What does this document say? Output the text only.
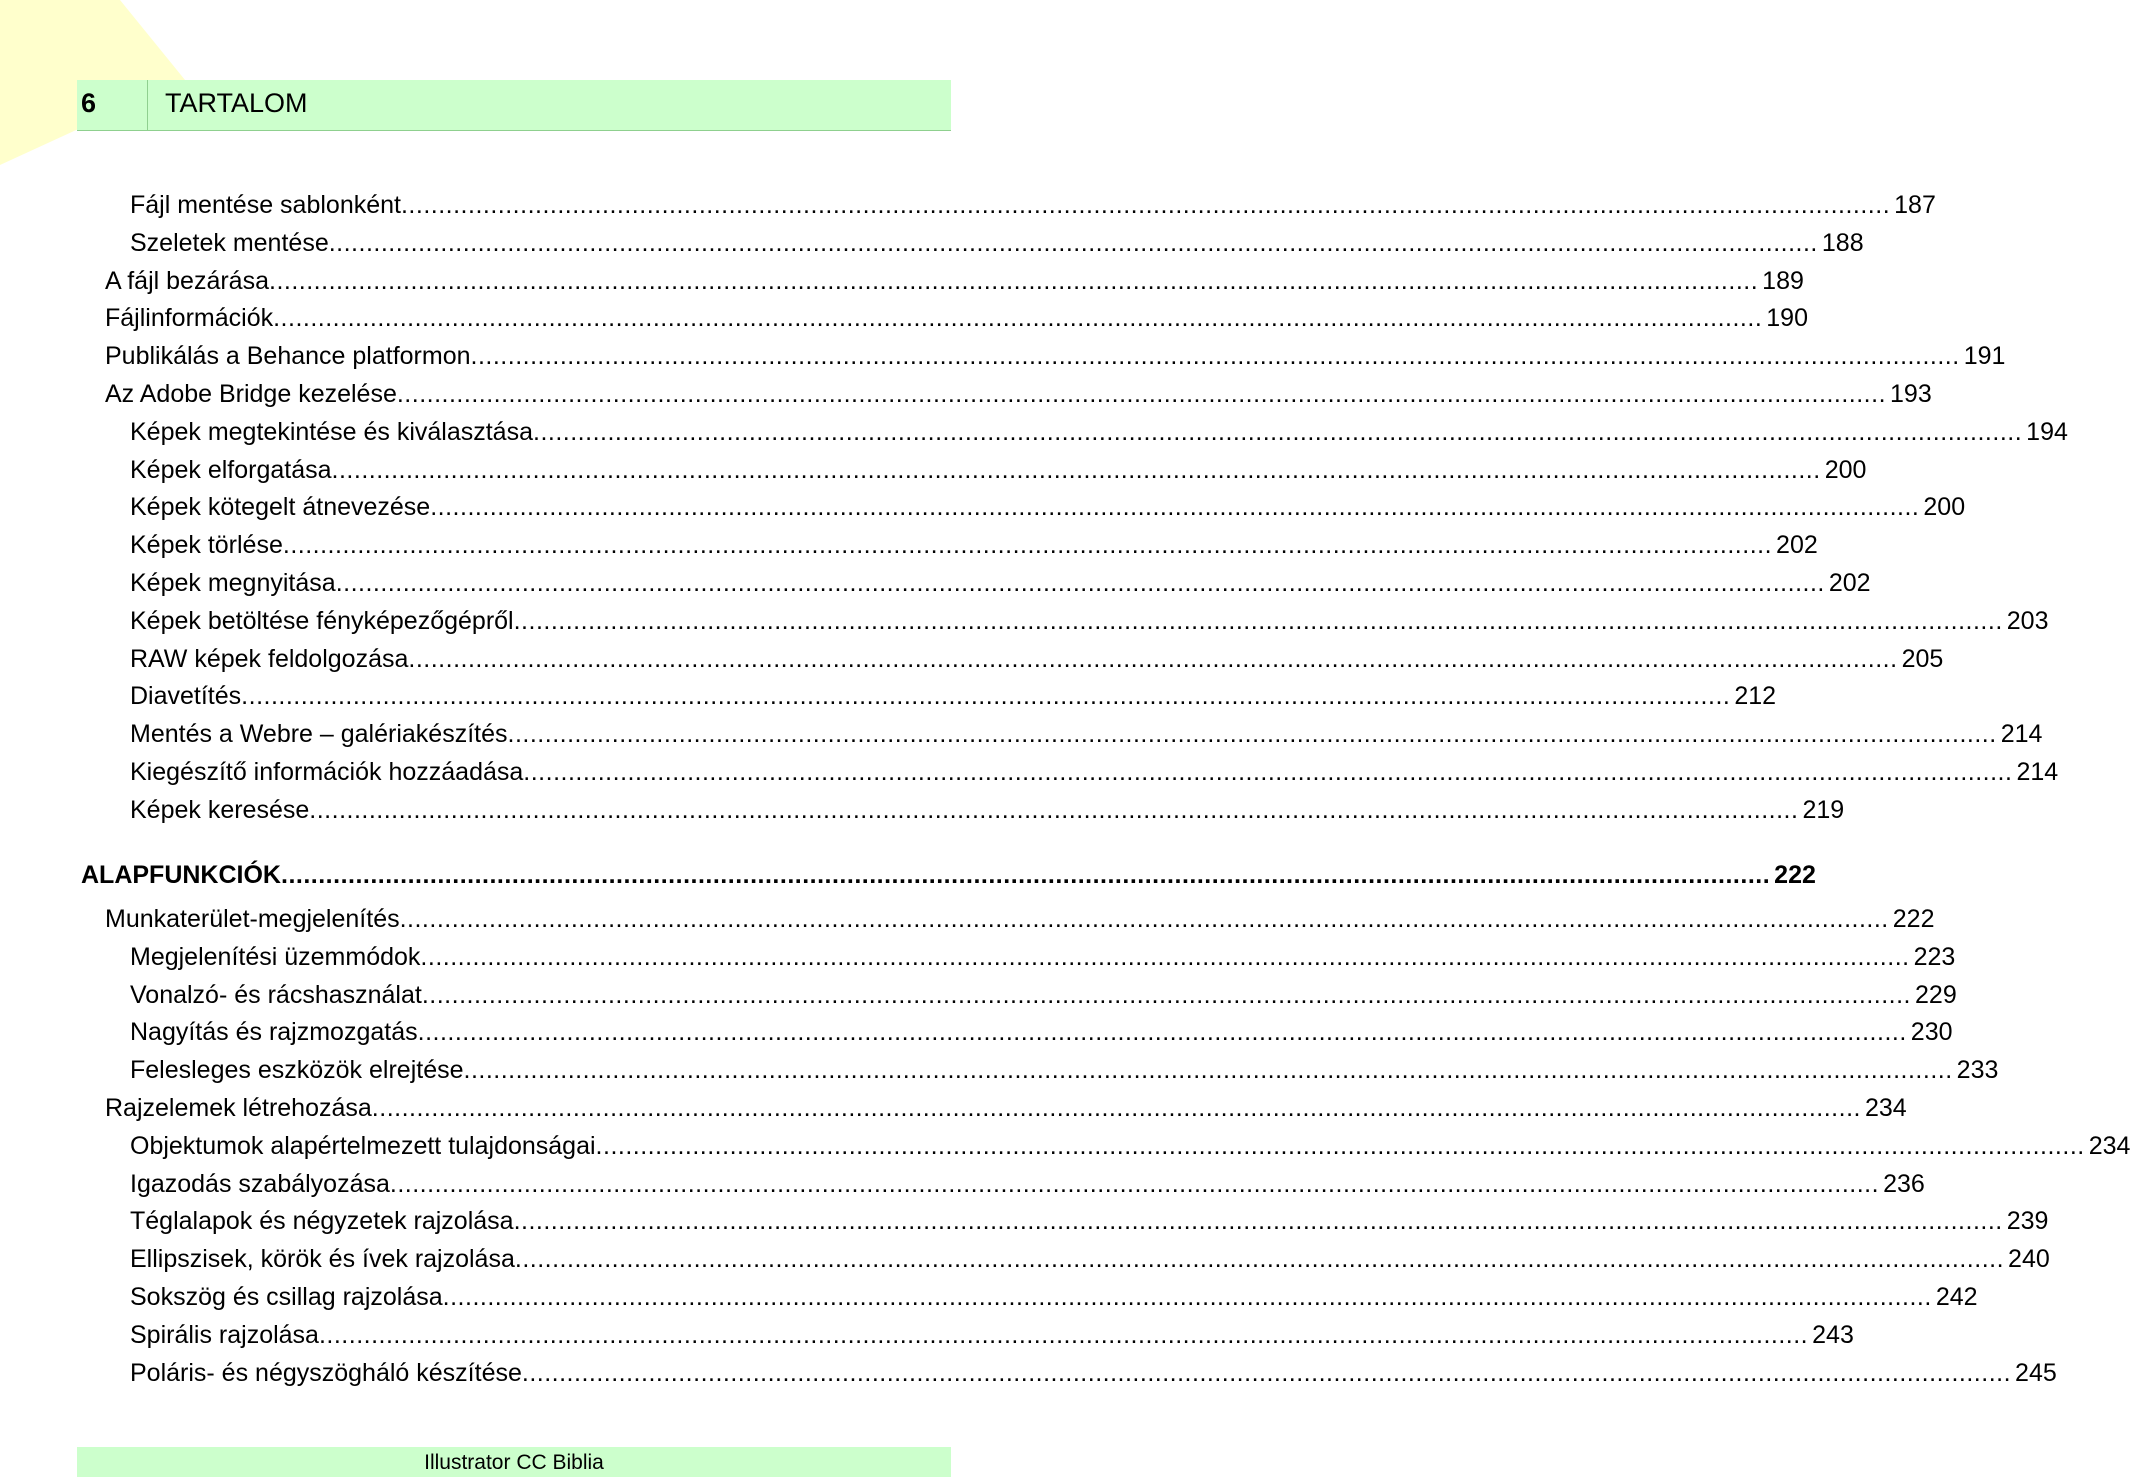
6	TARTALOM
Fájl mentése sablonként ........................................................................................................................................................................................................ 187
Szeletek mentése ........................................................................................................................................................................................................ 188
A fájl bezárása ........................................................................................................................................................................................................ 189
Fájlinformációk ........................................................................................................................................................................................................ 190
Publikálás a Behance platformon ........................................................................................................................................................................................................ 191
Az Adobe Bridge kezelése ........................................................................................................................................................................................................ 193
Képek megtekintése és kiválasztása ........................................................................................................................................................................................................ 194
Képek elforgatása ........................................................................................................................................................................................................ 200
Képek kötegelt átnevezése ........................................................................................................................................................................................................ 200
Képek törlése ........................................................................................................................................................................................................ 202
Képek megnyitása ........................................................................................................................................................................................................ 202
Képek betöltése fényképezőgépről ........................................................................................................................................................................................................ 203
RAW képek feldolgozása ........................................................................................................................................................................................................ 205
Diavetítés ........................................................................................................................................................................................................ 212
Mentés a Webre – galériakészítés ........................................................................................................................................................................................................ 214
Kiegészítő információk hozzáadása ........................................................................................................................................................................................................ 214
Képek keresése ........................................................................................................................................................................................................ 219
ALAPFUNKCIÓK ........................................................................................................................................................................................................ 222
Munkaterület-megjelenítés ........................................................................................................................................................................................................ 222
Megjelenítési üzemmódok ........................................................................................................................................................................................................ 223
Vonalzó- és rácshasználat ........................................................................................................................................................................................................ 229
Nagyítás és rajzmozgatás ........................................................................................................................................................................................................ 230
Felesleges eszközök elrejtése ........................................................................................................................................................................................................ 233
Rajzelemek létrehozása ........................................................................................................................................................................................................ 234
Objektumok alapértelmezett tulajdonságai ........................................................................................................................................................................................................ 234
Igazodás szabályozása ........................................................................................................................................................................................................ 236
Téglalapok és négyzetek rajzolása ........................................................................................................................................................................................................ 239
Ellipszisek, körök és ívek rajzolása ........................................................................................................................................................................................................ 240
Sokszög és csillag rajzolása ........................................................................................................................................................................................................ 242
Spirális rajzolása ........................................................................................................................................................................................................ 243
Poláris- és négyszögháló készítése ........................................................................................................................................................................................................ 245
Illustrator CC Biblia
